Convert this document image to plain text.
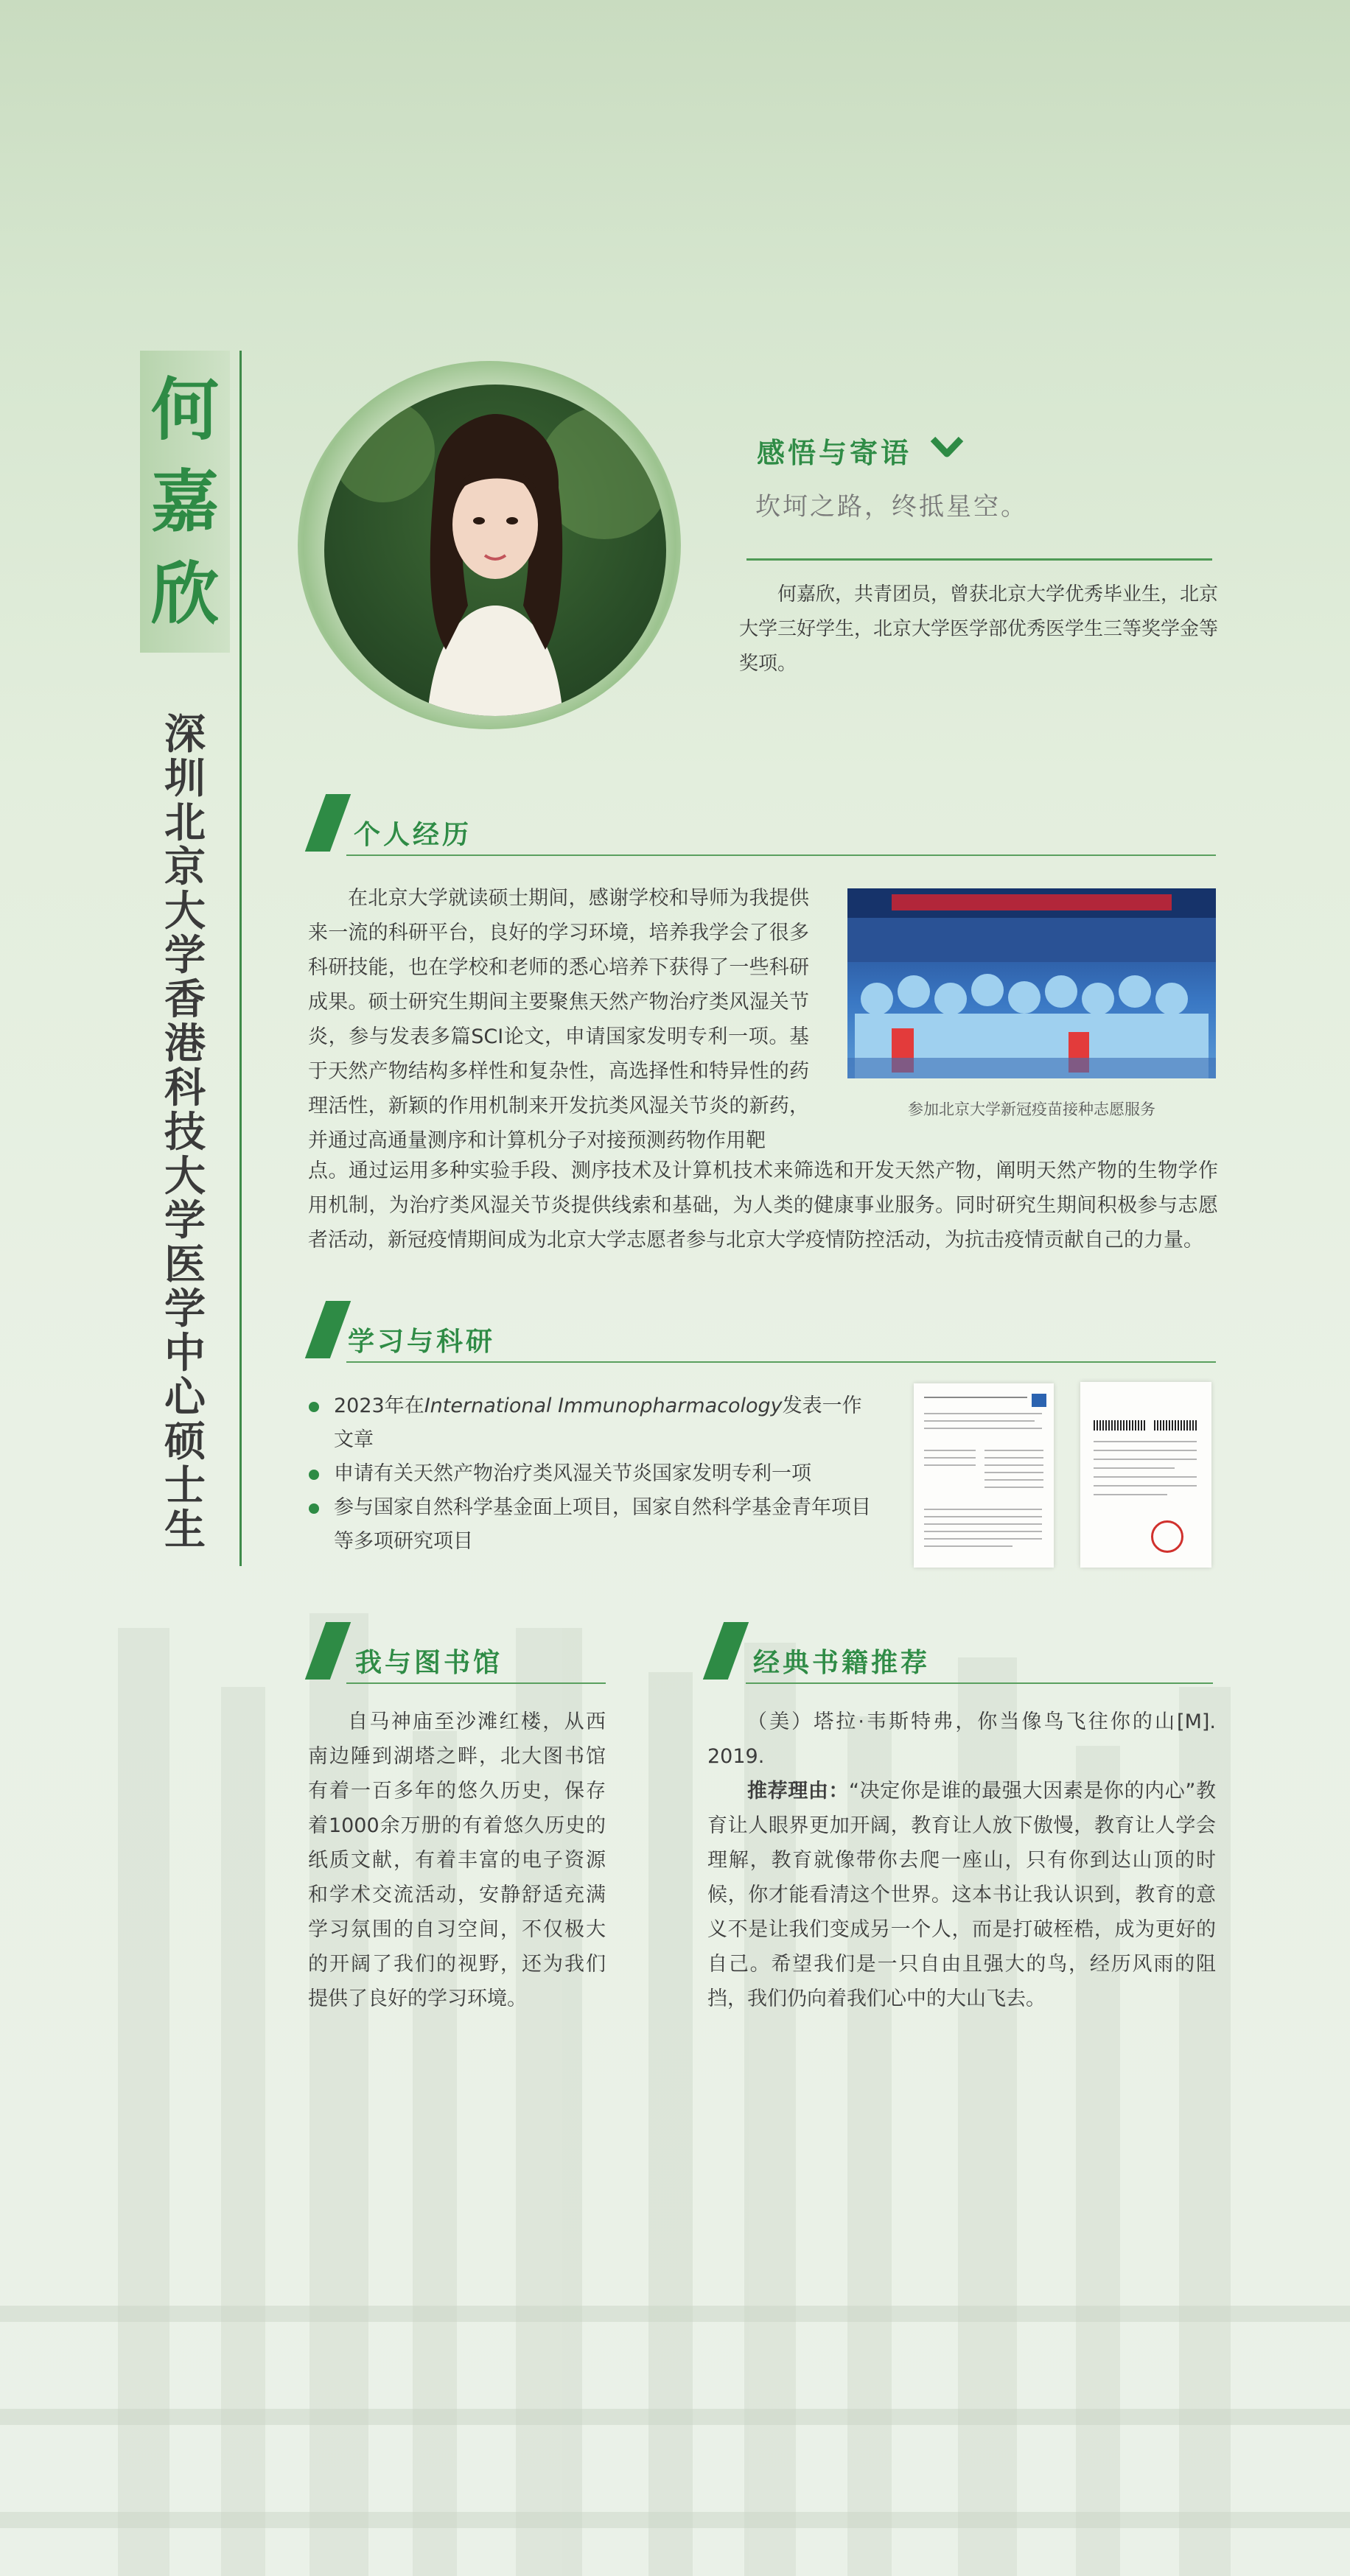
何
嘉
欣
深
圳
北
京
大
学
香
港
科
技
大
学
医
学
中
心
硕
士
生
感悟与寄语
坎坷之路，终抵星空。
何嘉欣，共青团员，曾获北京大学优秀毕业生，北京大学三好学生，北京大学医学部优秀医学生三等奖学金等奖项。
个人经历
在北京大学就读硕士期间，感谢学校和导师为我提供来一流的科研平台，良好的学习环境，培养我学会了很多科研技能，也在学校和老师的悉心培养下获得了一些科研成果。硕士研究生期间主要聚焦天然产物治疗类风湿关节炎，参与发表多篇SCI论文，申请国家发明专利一项。基于天然产物结构多样性和复杂性，高选择性和特异性的药理活性，新颖的作用机制来开发抗类风湿关节炎的新药，并通过高通量测序和计算机分子对接预测药物作用靶
点。通过运用多种实验手段、测序技术及计算机技术来筛选和开发天然产物，阐明天然产物的生物学作用机制，为治疗类风湿关节炎提供线索和基础，为人类的健康事业服务。同时研究生期间积极参与志愿者活动，新冠疫情期间成为北京大学志愿者参与北京大学疫情防控活动，为抗击疫情贡献自己的力量。
参加北京大学新冠疫苗接种志愿服务
学习与科研
2023年在International Immunopharmacology发表一作文章
申请有关天然产物治疗类风湿关节炎国家发明专利一项
参与国家自然科学基金面上项目，国家自然科学基金青年项目等多项研究项目
我与图书馆
自马神庙至沙滩红楼，从西南边陲到湖塔之畔，北大图书馆有着一百多年的悠久历史，保存着1000余万册的有着悠久历史的纸质文献，有着丰富的电子资源和学术交流活动，安静舒适充满学习氛围的自习空间，不仅极大的开阔了我们的视野，还为我们提供了良好的学习环境。
经典书籍推荐
（美）塔拉·韦斯特弗，你当像鸟飞往你的山[M]. 2019.
推荐理由：“决定你是谁的最强大因素是你的内心”教育让人眼界更加开阔，教育让人放下傲慢，教育让人学会理解，教育就像带你去爬一座山，只有你到达山顶的时候，你才能看清这个世界。这本书让我认识到，教育的意义不是让我们变成另一个人，而是打破桎梏，成为更好的自己。希望我们是一只自由且强大的鸟，经历风雨的阻挡，我们仍向着我们心中的大山飞去。
